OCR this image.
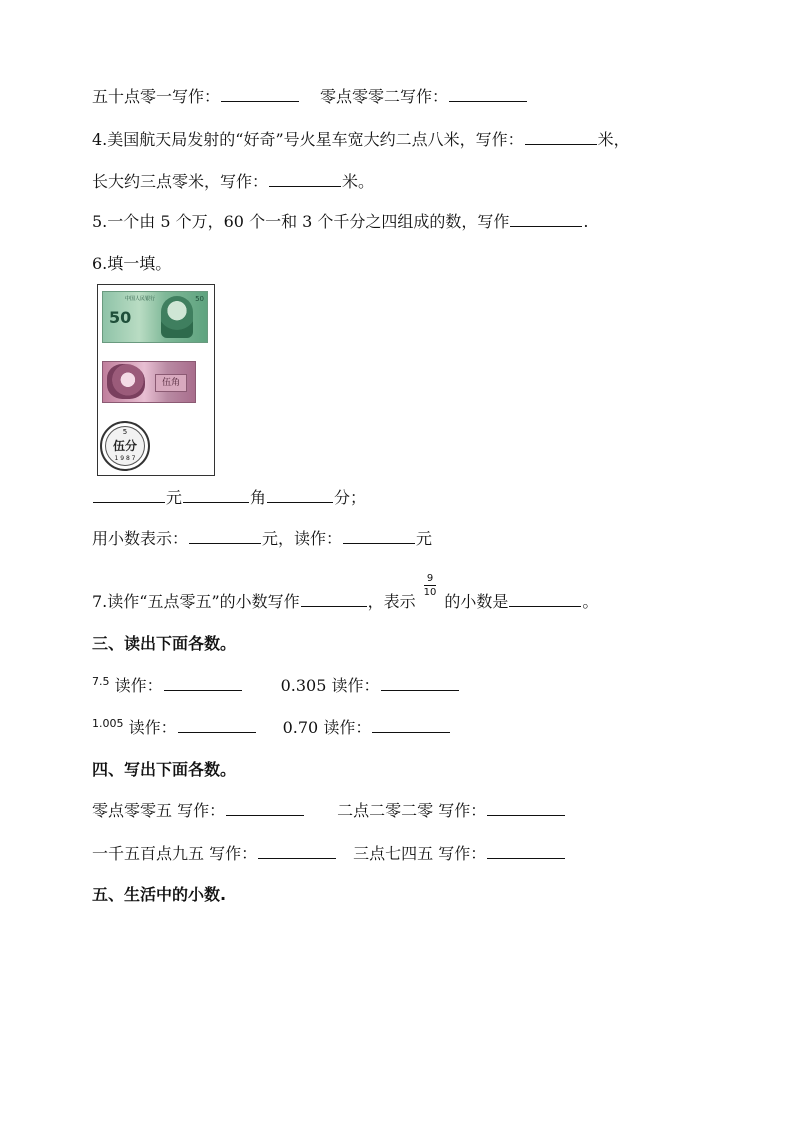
五十点零一写作：	零点零零二写作：
4.美国航天局发射的“好奇”号火星车宽大约二点八米，写作：	米，
长大约三点零米，写作：	米。
5.一个由 5 个万，60 个一和 3 个千分之四组成的数，写作	.
6.填一填。
中国人民银行
50
50
伍角
5
伍分
1 9 8 7
元	角	分；
用小数表示：	元，读作：	元
7.读作“五点零五”的小数写作	，表示
$\frac{9}{10}$
的小数是	。
三、读出下面各数。
$^{7.5}$ 读作：	0.305 读作：
$^{1.005}$ 读作：	0.70 读作：
四、写出下面各数。
零点零零五 写作：	二点二零二零 写作：
一千五百点九五 写作：	三点七四五 写作：
五、生活中的小数.
